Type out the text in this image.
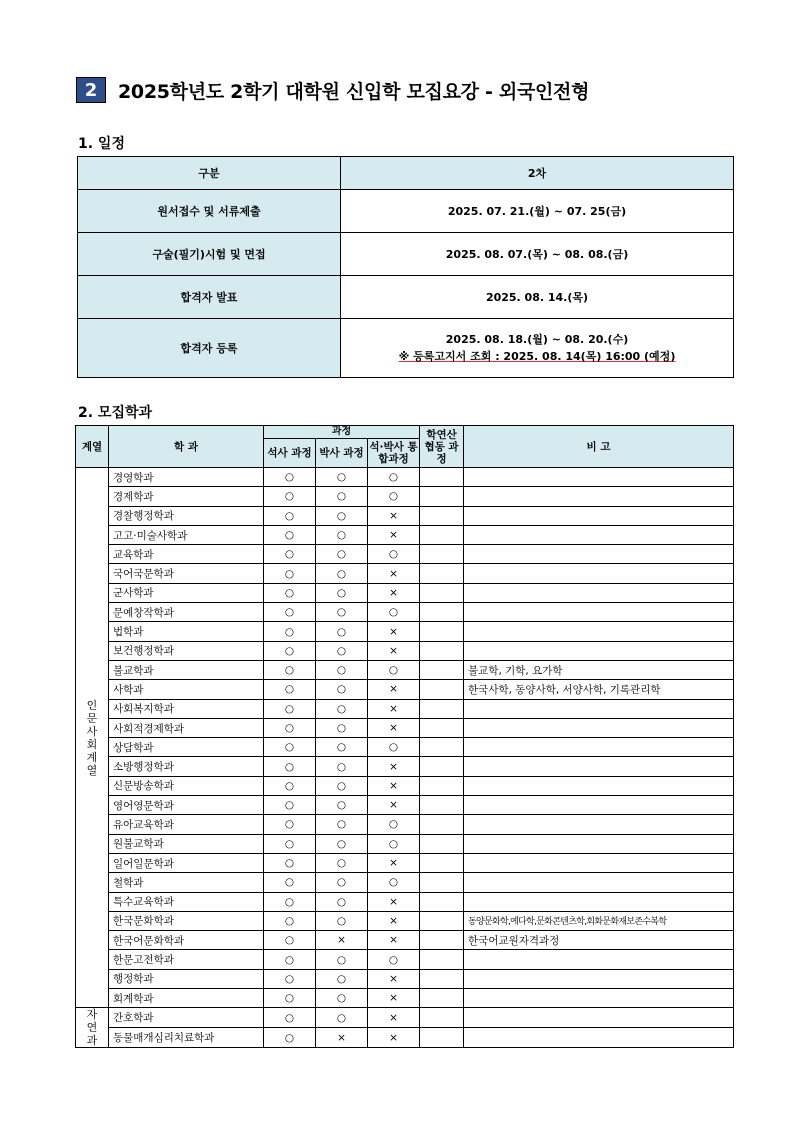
2	2025학년도 2학기 대학원 신입학 모집요강 - 외국인전형
1. 일정
구분	2차
원서접수 및 서류제출	2025. 07. 21.(월) ~ 07. 25(금)
구술(필기)시험 및 면접	2025. 08. 07.(목) ~ 08. 08.(금)
합격자 발표	2025. 08. 14.(목)
합격자 등록	2025. 08. 18.(월) ~ 08. 20.(수)
※ 등록고지서 조회 : 2025. 08. 14(목) 16:00 (예정)
2. 모집학과
계열	학 과	과정			학연산 협동 과정	비 고
		석사 과정	박사 과정	석·박사 통합과정		
인문사회계열	경영학과	○	○	○		
	경제학과	○	○	○		
	경찰행정학과	○	○	×		
	고고·미술사학과	○	○	×		
	교육학과	○	○	○		
	국어국문학과	○	○	×		
	군사학과	○	○	×		
	문예창작학과	○	○	○		
	법학과	○	○	×		
	보건행정학과	○	○	×		
	불교학과	○	○	○		불교학, 기학, 요가학
	사학과	○	○	×		한국사학, 동양사학, 서양사학, 기록관리학
	사회복지학과	○	○	×		
	사회적경제학과	○	○	×		
	상담학과	○	○	○		
	소방행정학과	○	○	×		
	신문방송학과	○	○	×		
	영어영문학과	○	○	×		
	유아교육학과	○	○	○		
	원불교학과	○	○	○		
	일어일문학과	○	○	×		
	철학과	○	○	○		
	특수교육학과	○	○	×		
	한국문화학과	○	○	×		동양문화학,예다학,문화콘텐츠학,회화문화재보존수복학
	한국어문화학과	○	×	×		한국어교원자격과정
	한문고전학과	○	○	○		
	행정학과	○	○	×		
	회계학과	○	○	×		
자연과	간호학과	○	○	×		
	동물매개심리치료학과	○	×	×		
